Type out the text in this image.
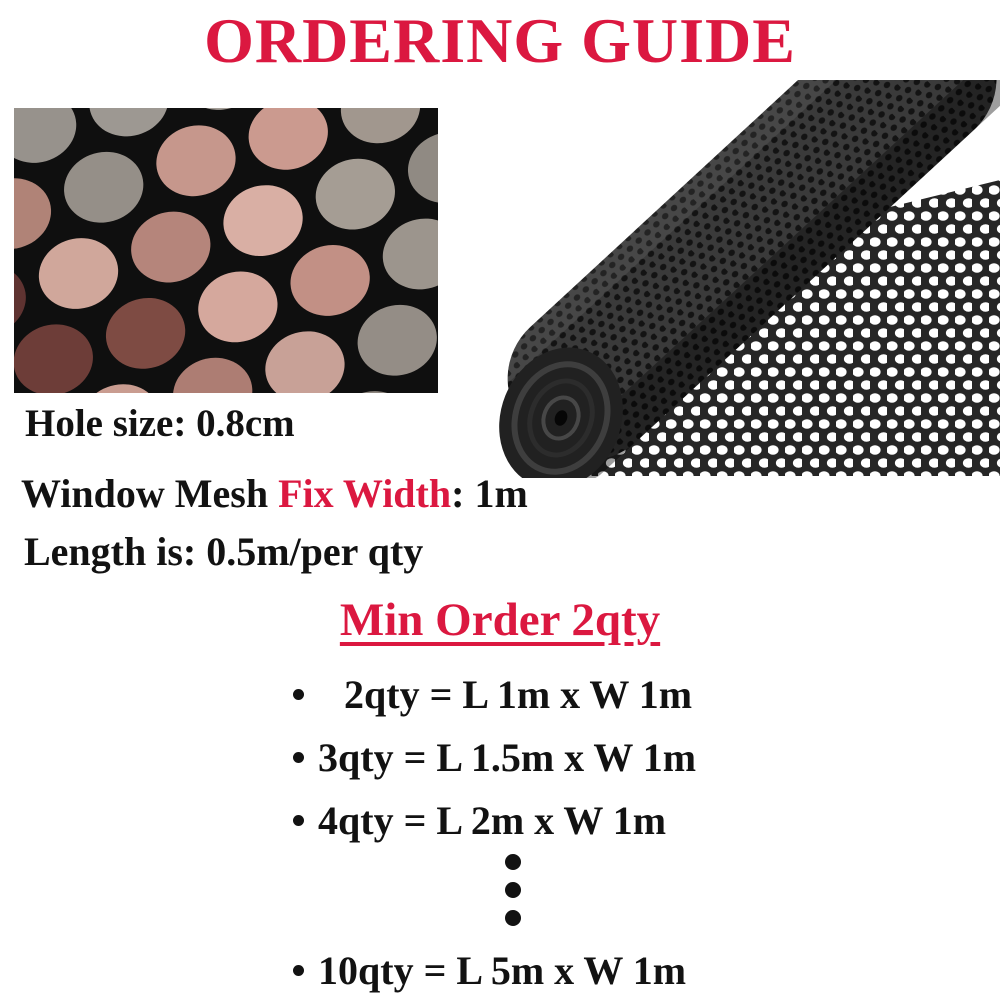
ORDERING GUIDE

Hole size: 0.8cm

Window Mesh Fix Width: 1m

Length is: 0.5m/per qty

Min Order 2qty
2qty = L 1m x W 1m
3qty = L 1.5m x W 1m
4qty = L 2m x W 1m
10qty = L 5m x W 1m
